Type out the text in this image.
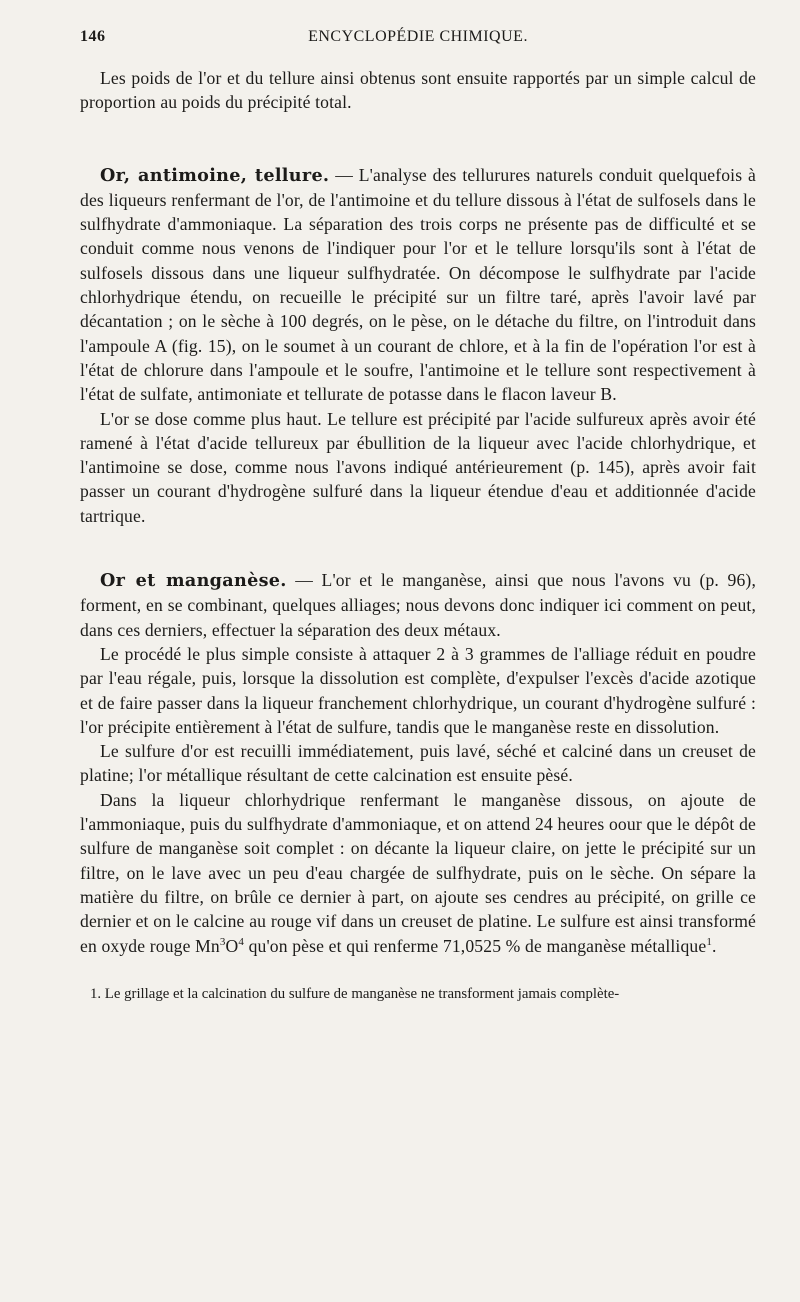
146	ENCYCLOPÉDIE CHIMIQUE.

Les poids de l'or et du tellure ainsi obtenus sont ensuite rapportés par un simple calcul de proportion au poids du précipité total.

Or, antimoine, tellure. — L'analyse des tellurures naturels conduit quelquefois à des liqueurs renfermant de l'or, de l'antimoine et du tellure dissous à l'état de sulfosels dans le sulfhydrate d'ammoniaque. La séparation des trois corps ne présente pas de difficulté et se conduit comme nous venons de l'indiquer pour l'or et le tellure lorsqu'ils sont à l'état de sulfosels dissous dans une liqueur sulfhydratée. On décompose le sulfhydrate par l'acide chlorhydrique étendu, on recueille le précipité sur un filtre taré, après l'avoir lavé par décantation ; on le sèche à 100 degrés, on le pèse, on le détache du filtre, on l'introduit dans l'ampoule A (fig. 15), on le soumet à un courant de chlore, et à la fin de l'opération l'or est à l'état de chlorure dans l'ampoule et le soufre, l'antimoine et le tellure sont respectivement à l'état de sulfate, antimoniate et tellurate de potasse dans le flacon laveur B.

L'or se dose comme plus haut. Le tellure est précipité par l'acide sulfureux après avoir été ramené à l'état d'acide tellureux par ébullition de la liqueur avec l'acide chlorhydrique, et l'antimoine se dose, comme nous l'avons indiqué antérieurement (p. 145), après avoir fait passer un courant d'hydrogène sulfuré dans la liqueur étendue d'eau et additionnée d'acide tartrique.

Or et manganèse. — L'or et le manganèse, ainsi que nous l'avons vu (p. 96), forment, en se combinant, quelques alliages; nous devons donc indiquer ici comment on peut, dans ces derniers, effectuer la séparation des deux métaux.

Le procédé le plus simple consiste à attaquer 2 à 3 grammes de l'alliage réduit en poudre par l'eau régale, puis, lorsque la dissolution est complète, d'expulser l'excès d'acide azotique et de faire passer dans la liqueur franchement chlorhydrique, un courant d'hydrogène sulfuré : l'or précipite entièrement à l'état de sulfure, tandis que le manganèse reste en dissolution.

Le sulfure d'or est recuilli immédiatement, puis lavé, séché et calciné dans un creuset de platine; l'or métallique résultant de cette calcination est ensuite pèsé.

Dans la liqueur chlorhydrique renfermant le manganèse dissous, on ajoute de l'ammoniaque, puis du sulfhydrate d'ammoniaque, et on attend 24 heures oour que le dépôt de sulfure de manganèse soit complet : on décante la liqueur claire, on jette le précipité sur un filtre, on le lave avec un peu d'eau chargée de sulfhydrate, puis on le sèche. On sépare la matière du filtre, on brûle ce dernier à part, on ajoute ses cendres au précipité, on grille ce dernier et on le calcine au rouge vif dans un creuset de platine. Le sulfure est ainsi transformé en oxyde rouge $Mn^3O^4$ qu'on pèse et qui renferme 71,0525 % de manganèse métallique$^1$.

1. Le grillage et la calcination du sulfure de manganèse ne transforment jamais complète-
